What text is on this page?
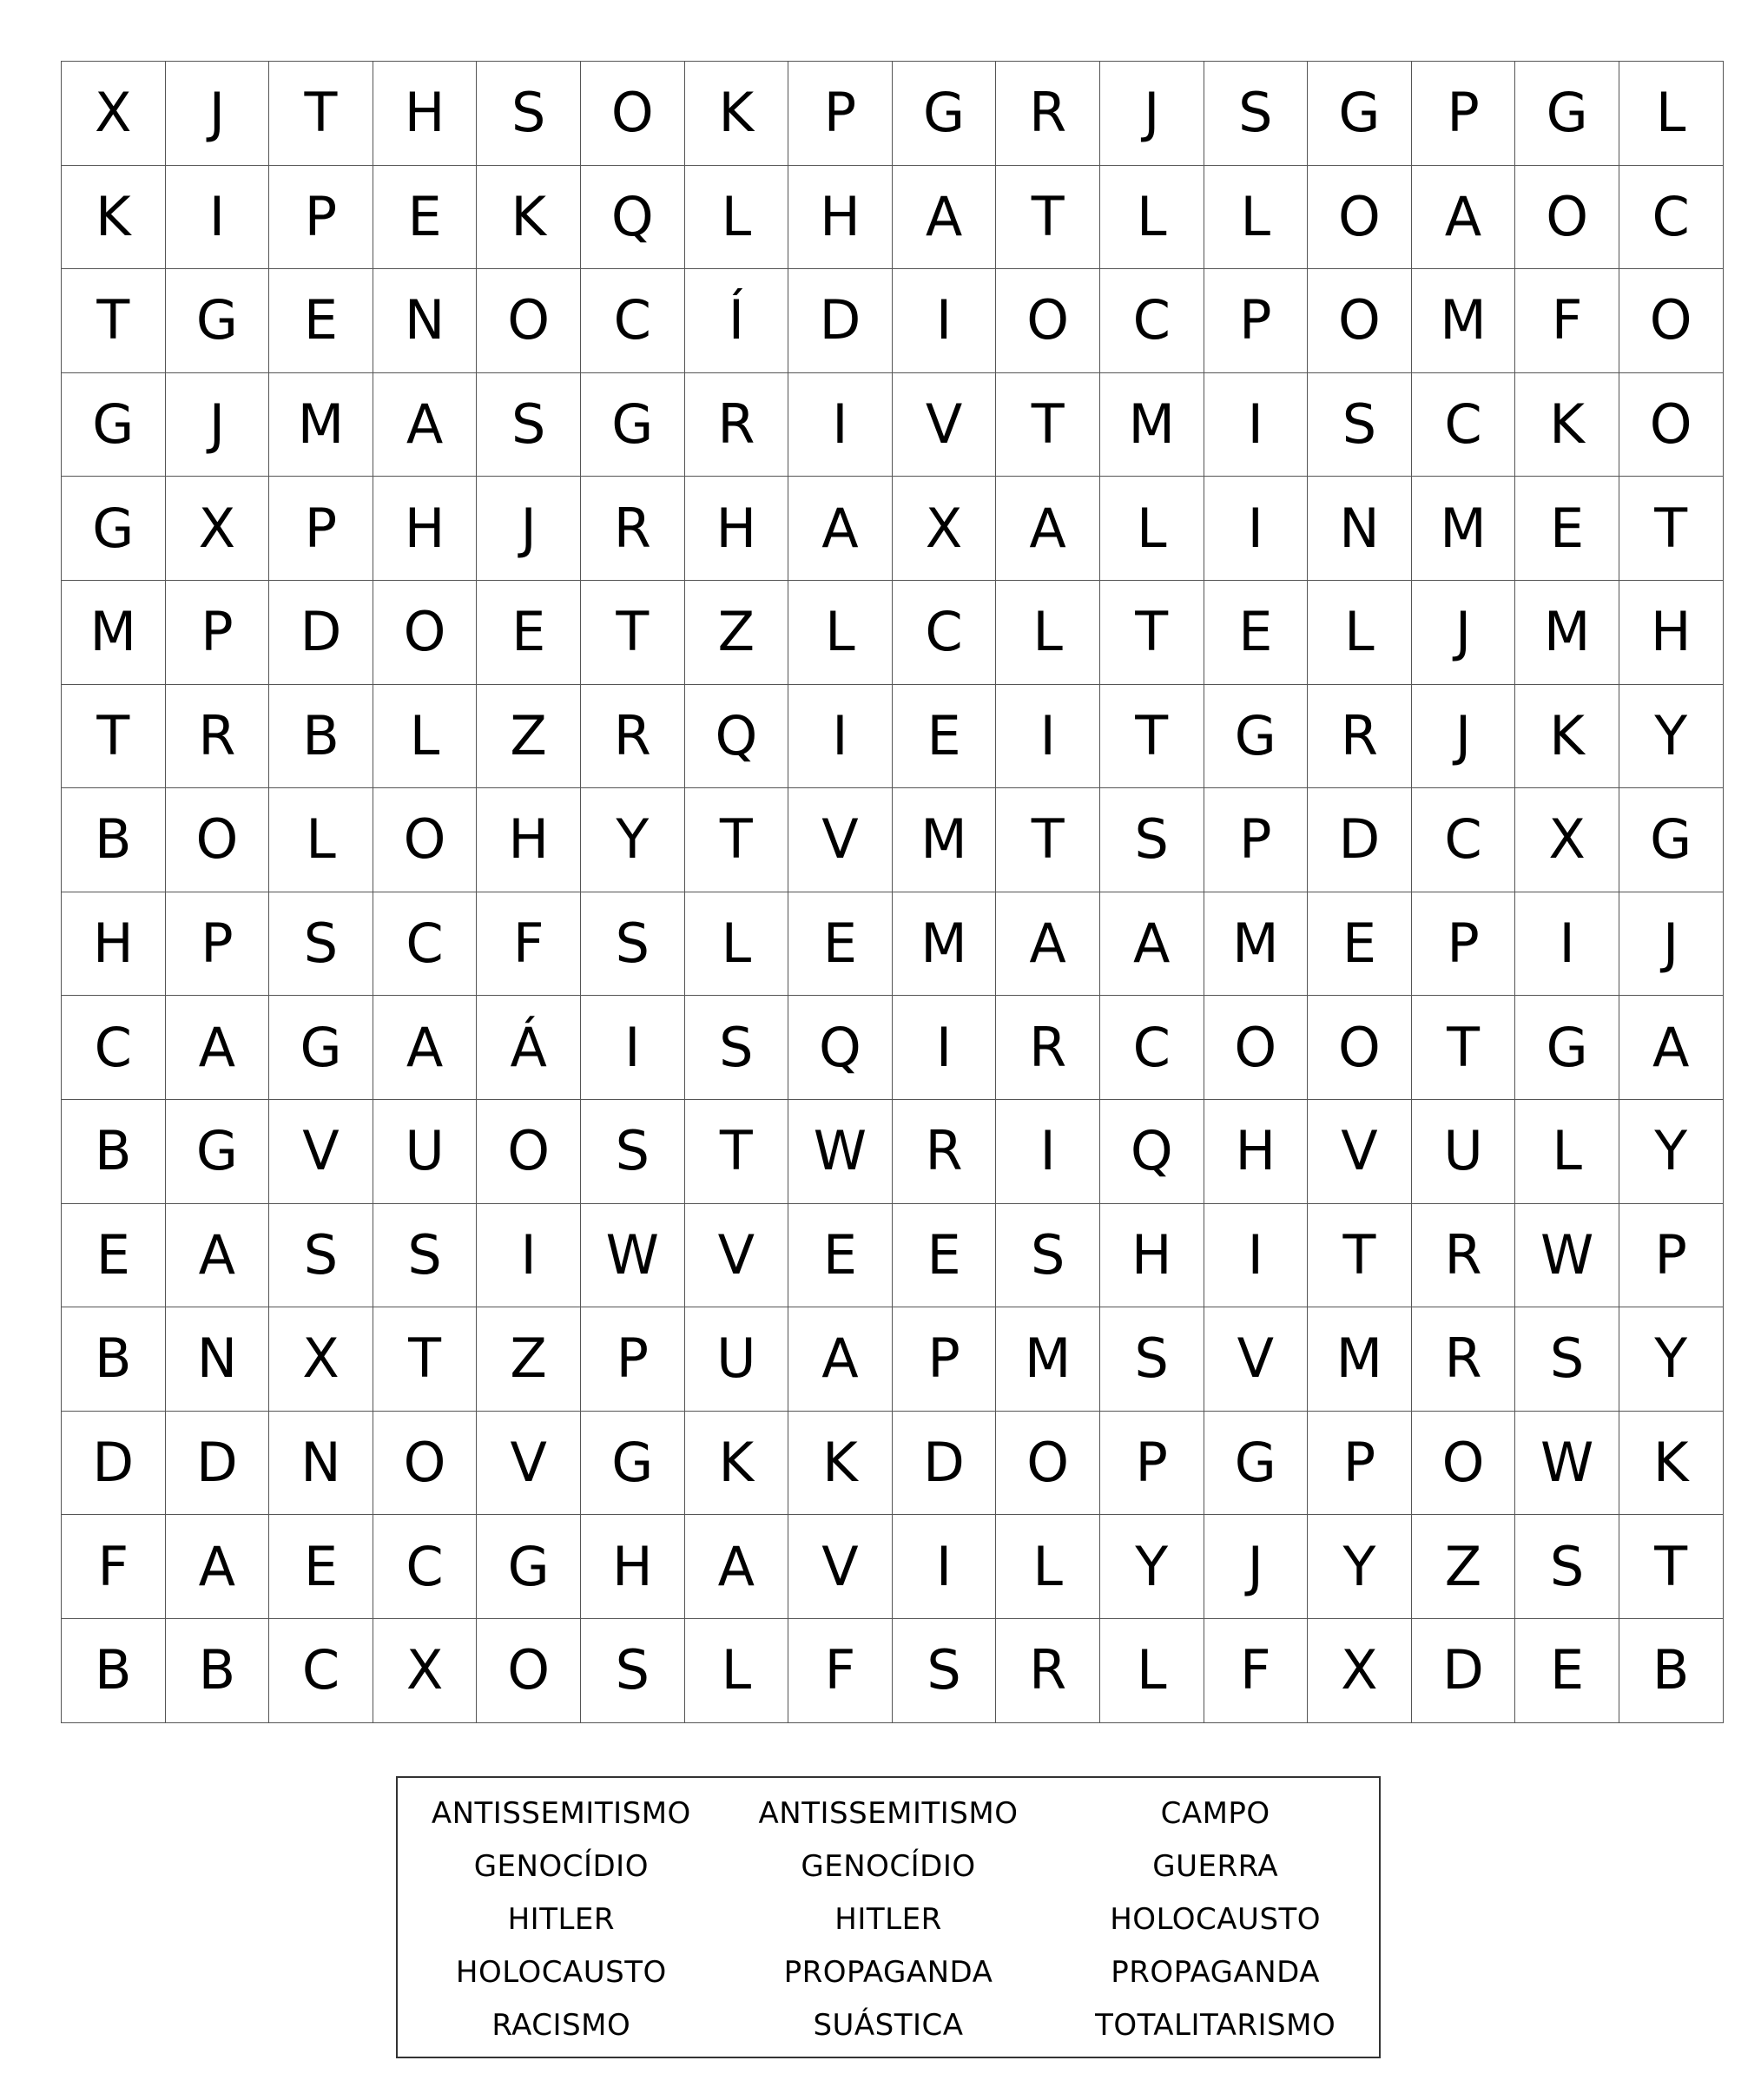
X	J	T	H	S	O	K	P	G	R	J	S	G	P	G	L
K	I	P	E	K	Q	L	H	A	T	L	L	O	A	O	C
T	G	E	N	O	C	Í	D	I	O	C	P	O	M	F	O
G	J	M	A	S	G	R	I	V	T	M	I	S	C	K	O
G	X	P	H	J	R	H	A	X	A	L	I	N	M	E	T
M	P	D	O	E	T	Z	L	C	L	T	E	L	J	M	H
T	R	B	L	Z	R	Q	I	E	I	T	G	R	J	K	Y
B	O	L	O	H	Y	T	V	M	T	S	P	D	C	X	G
H	P	S	C	F	S	L	E	M	A	A	M	E	P	I	J
C	A	G	A	Á	I	S	Q	I	R	C	O	O	T	G	A
B	G	V	U	O	S	T	W	R	I	Q	H	V	U	L	Y
E	A	S	S	I	W	V	E	E	S	H	I	T	R	W	P
B	N	X	T	Z	P	U	A	P	M	S	V	M	R	S	Y
D	D	N	O	V	G	K	K	D	O	P	G	P	O	W	K
F	A	E	C	G	H	A	V	I	L	Y	J	Y	Z	S	T
B	B	C	X	O	S	L	F	S	R	L	F	X	D	E	B
ANTISSEMITISMO	ANTISSEMITISMO	CAMPO
GENOCÍDIO	GENOCÍDIO	GUERRA
HITLER	HITLER	HOLOCAUSTO
HOLOCAUSTO	PROPAGANDA	PROPAGANDA
RACISMO	SUÁSTICA	TOTALITARISMO
